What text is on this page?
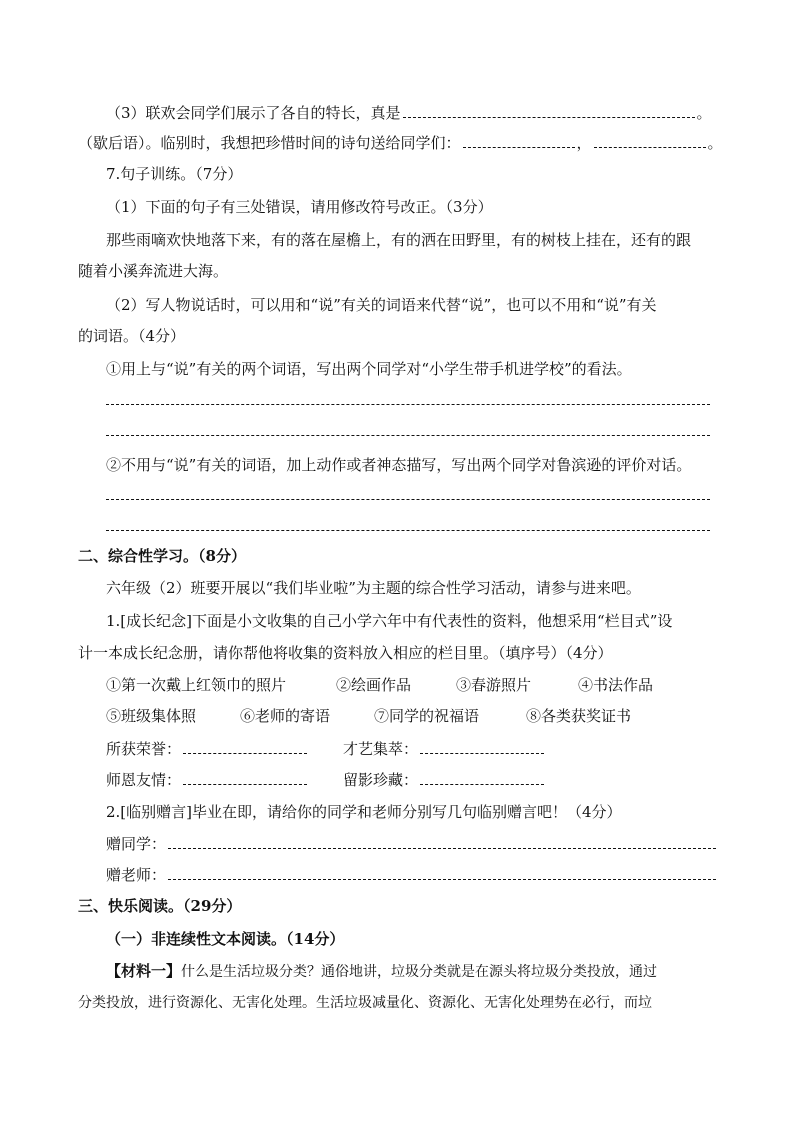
（3）联欢会同学们展示了各自的特长，真是	。
（歇后语）。临别时，我想把珍惜时间的诗句送给同学们：	，	。
7.句子训练。（7分）
（1）下面的句子有三处错误，请用修改符号改正。（3分）
那些雨嘀欢快地落下来，有的落在屋檐上，有的洒在田野里，有的树枝上挂在，还有的跟
随着小溪奔流进大海。
（2）写人物说话时，可以用和“说”有关的词语来代替“说”，也可以不用和“说”有关
的词语。（4分）
①用上与“说”有关的两个词语，写出两个同学对“小学生带手机进学校”的看法。
②不用与“说”有关的词语，加上动作或者神态描写，写出两个同学对鲁滨逊的评价对话。
二、综合性学习。（8分）
六年级（2）班要开展以“我们毕业啦”为主题的综合性学习活动，请参与进来吧。
1.[成长纪念]下面是小文收集的自己小学六年中有代表性的资料，他想采用“栏目式”设
计一本成长纪念册，请你帮他将收集的资料放入相应的栏目里。（填序号）（4分）
①第一次戴上红领巾的照片	②绘画作品	③春游照片	④书法作品
⑤班级集体照	⑥老师的寄语	⑦同学的祝福语	⑧各类获奖证书
所获荣誉：	才艺集萃：
师恩友情：	留影珍藏：
2.[临别赠言]毕业在即，请给你的同学和老师分别写几句临别赠言吧！（4分）
赠同学：
赠老师：
三、快乐阅读。（29分）
（一）非连续性文本阅读。（14分）
【材料一】什么是生活垃圾分类？通俗地讲，垃圾分类就是在源头将垃圾分类投放，通过
分类投放，进行资源化、无害化处理。生活垃圾减量化、资源化、无害化处理势在必行，而垃
